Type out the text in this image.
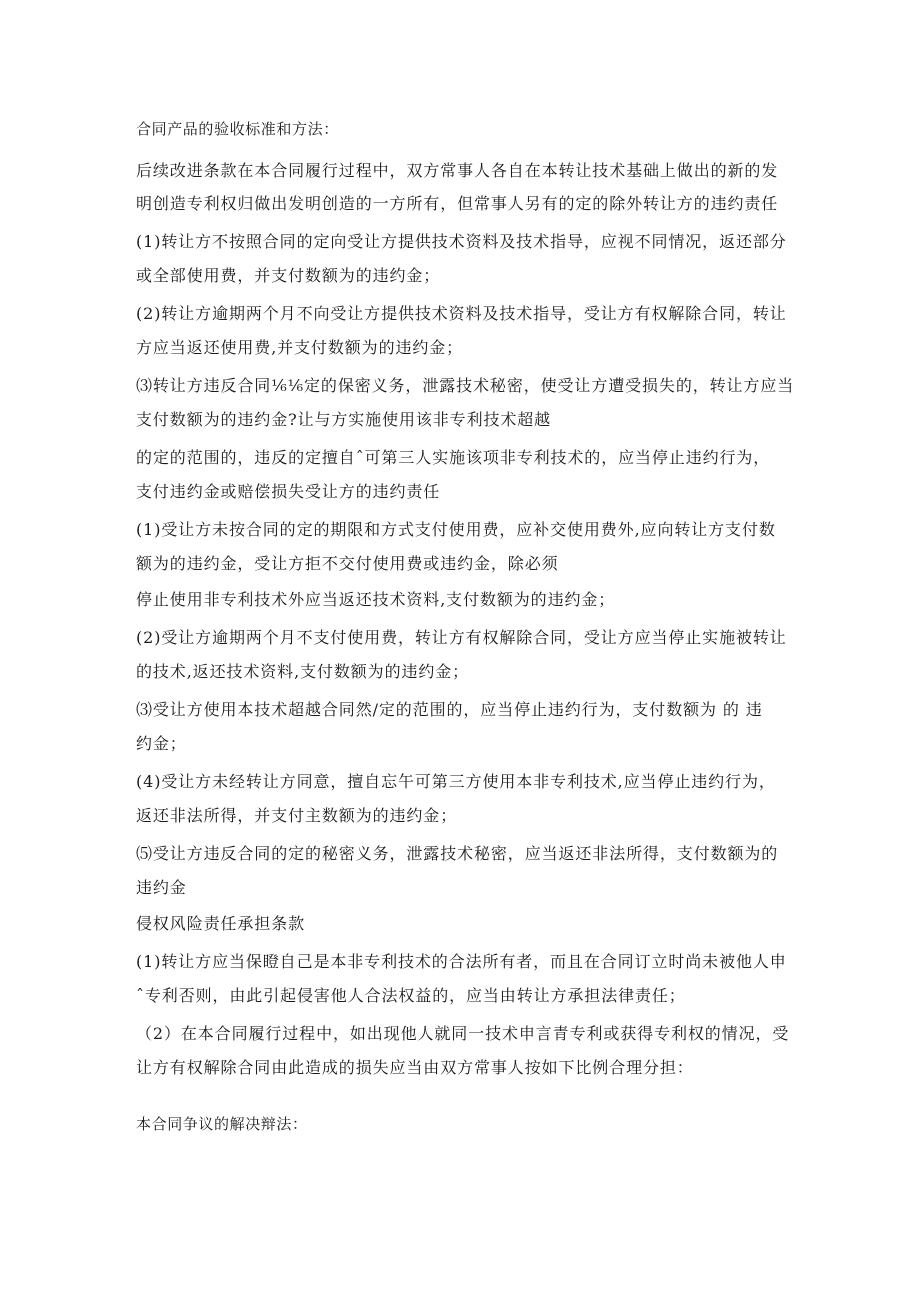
合同产品的验收标准和方法：
后续改进条款在本合同履行过程中，双方常事人各自在本转让技术基础上做出的新的发
明创造专利权归做出发明创造的一方所有，但常事人另有的定的除外转让方的违约责任
(1)转让方不按照合同的定向受让方提供技术资料及技术指导，应视不同情况，返还部分
或全部使用费，并支付数额为的违约金；
(2)转让方逾期两个月不向受让方提供技术资料及技术指导，受让方有权解除合同，转让
方应当返还使用费,并支付数额为的违约金；
⑶转让方违反合同⅙⅙定的保密义务，泄露技术秘密，使受让方遭受损失的，转让方应当
支付数额为的违约金?让与方实施使用该非专利技术超越
的定的范围的，违反的定擅自ˆ可第三人实施该项非专利技术的，应当停止违约行为，
支付违约金或赔偿损失受让方的违约责任
(1)受让方未按合同的定的期限和方式支付使用费，应补交使用费外,应向转让方支付数
额为的违约金，受让方拒不交付使用费或违约金，除必须
停止使用非专利技术外应当返还技术资料,支付数额为的违约金；
(2)受让方逾期两个月不支付使用费，转让方有权解除合同，受让方应当停止实施被转让
的技术,返还技术资料,支付数额为的违约金；
⑶受让方使用本技术超越合同然/定的范围的，应当停止违约行为，支付数额为 的 违
约金；
(4)受让方未经转让方同意，擅自忘午可第三方使用本非专利技术,应当停止违约行为，
返还非法所得，并支付主数额为的违约金；
⑸受让方违反合同的定的秘密义务，泄露技术秘密，应当返还非法所得，支付数额为的
违约金
侵权风险责任承担条款
(1)转让方应当保瞪自己是本非专利技术的合法所有者，而且在合同订立时尚未被他人申
ˆ专利否则，由此引起侵害他人合法权益的，应当由转让方承担法律责任；
（2）在本合同履行过程中，如出现他人就同一技术申言青专利或获得专利权的情况，受
让方有权解除合同由此造成的损失应当由双方常事人按如下比例合理分担：
本合同争议的解决辩法：
